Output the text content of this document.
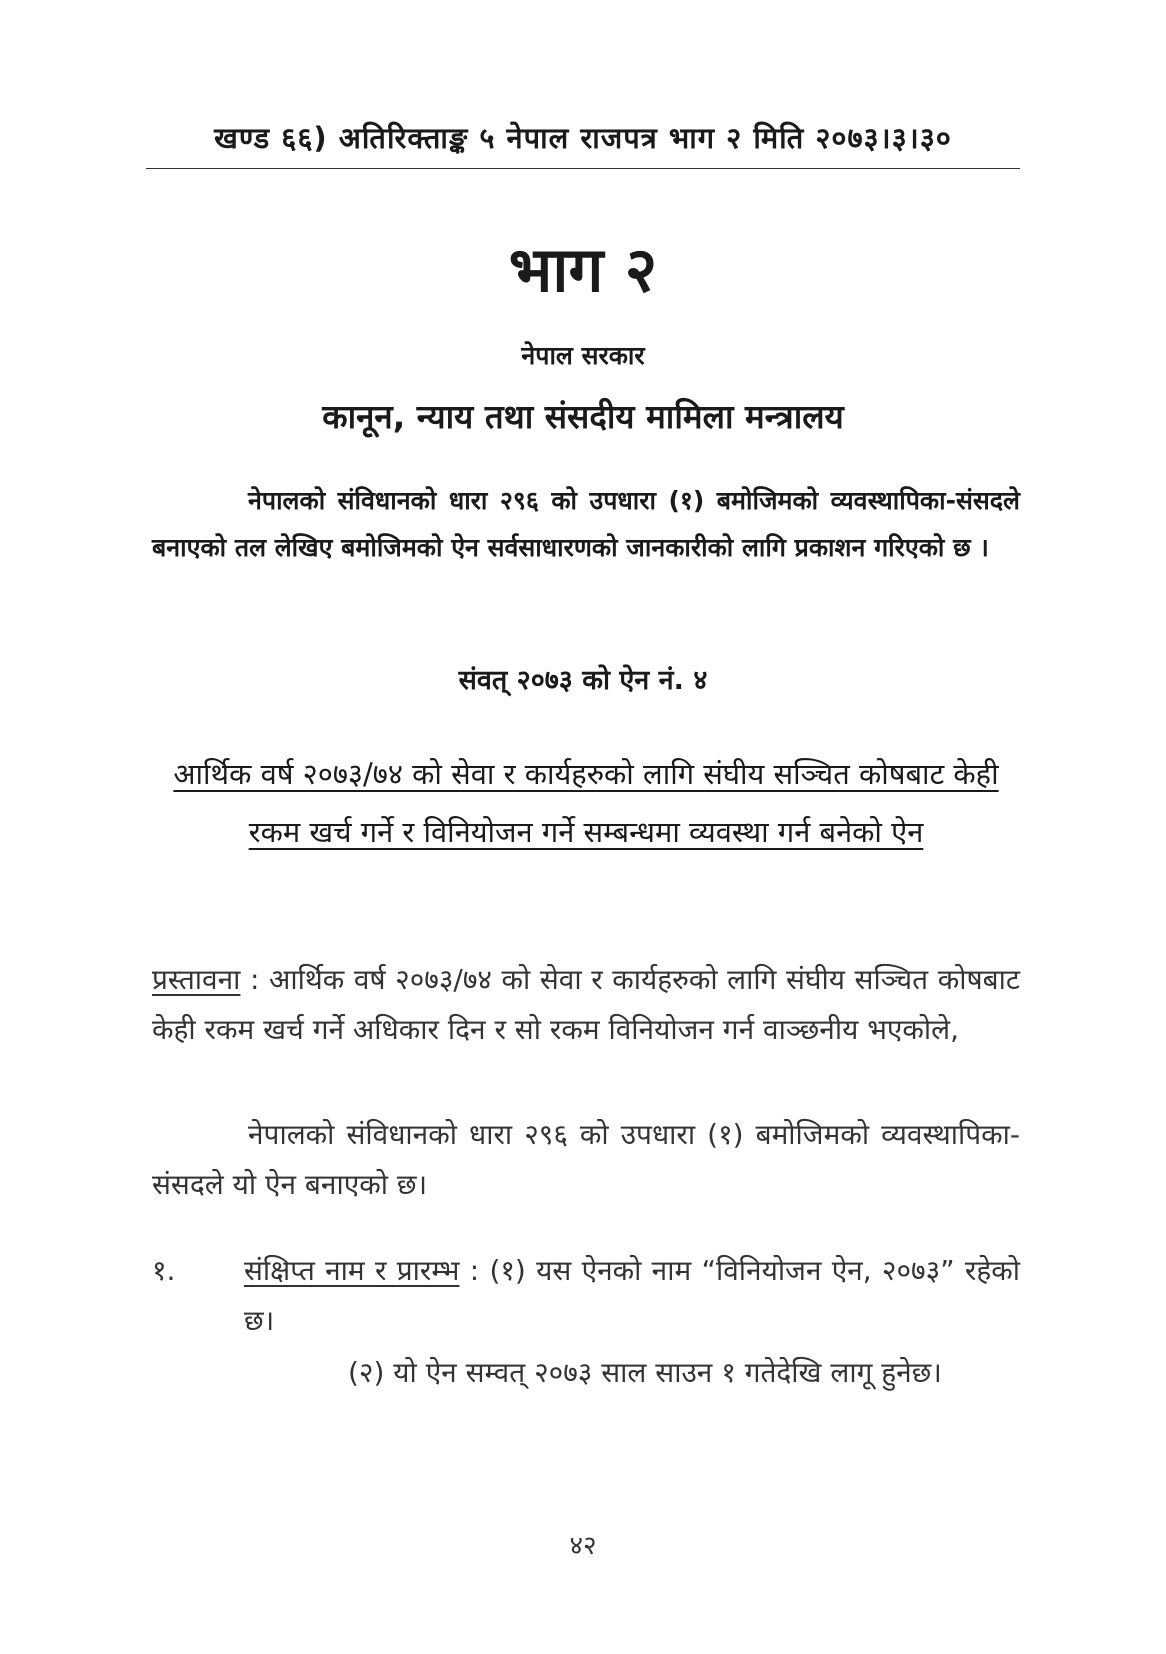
खण्ड ६६) अतिरिक्ताङ्क ५ नेपाल राजपत्र भाग २ मिति २०७३।३।३०
भाग २
नेपाल सरकार
कानून, न्याय तथा संसदीय मामिला मन्त्रालय

नेपालको संविधानको धारा २९६ को उपधारा (१) बमोजिमको व्यवस्थापिका-संसदले बनाएको तल लेखिए बमोजिमको ऐन सर्वसाधारणको जानकारीको लागि प्रकाशन गरिएको छ ।

संवत् २०७३ को ऐन नं. ४

आर्थिक वर्ष २०७३/७४ को सेवा र कार्यहरुको लागि संघीय सञ्चित कोषबाट केही रकम खर्च गर्ने र विनियोजन गर्ने सम्बन्धमा व्यवस्था गर्न बनेको ऐन

प्रस्तावना : आर्थिक वर्ष २०७३/७४ को सेवा र कार्यहरुको लागि संघीय सञ्चित कोषबाट केही रकम खर्च गर्ने अधिकार दिन र सो रकम विनियोजन गर्न वाञ्छनीय भएकोले,

नेपालको संविधानको धारा २९६ को उपधारा (१) बमोजिमको व्यवस्थापिका-संसदले यो ऐन बनाएको छ।

१. संक्षिप्त नाम र प्रारम्भ : (१) यस ऐनको नाम “विनियोजन ऐन, २०७३” रहेको छ।

(२) यो ऐन सम्वत् २०७३ साल साउन १ गतेदेखि लागू हुनेछ।

४२
